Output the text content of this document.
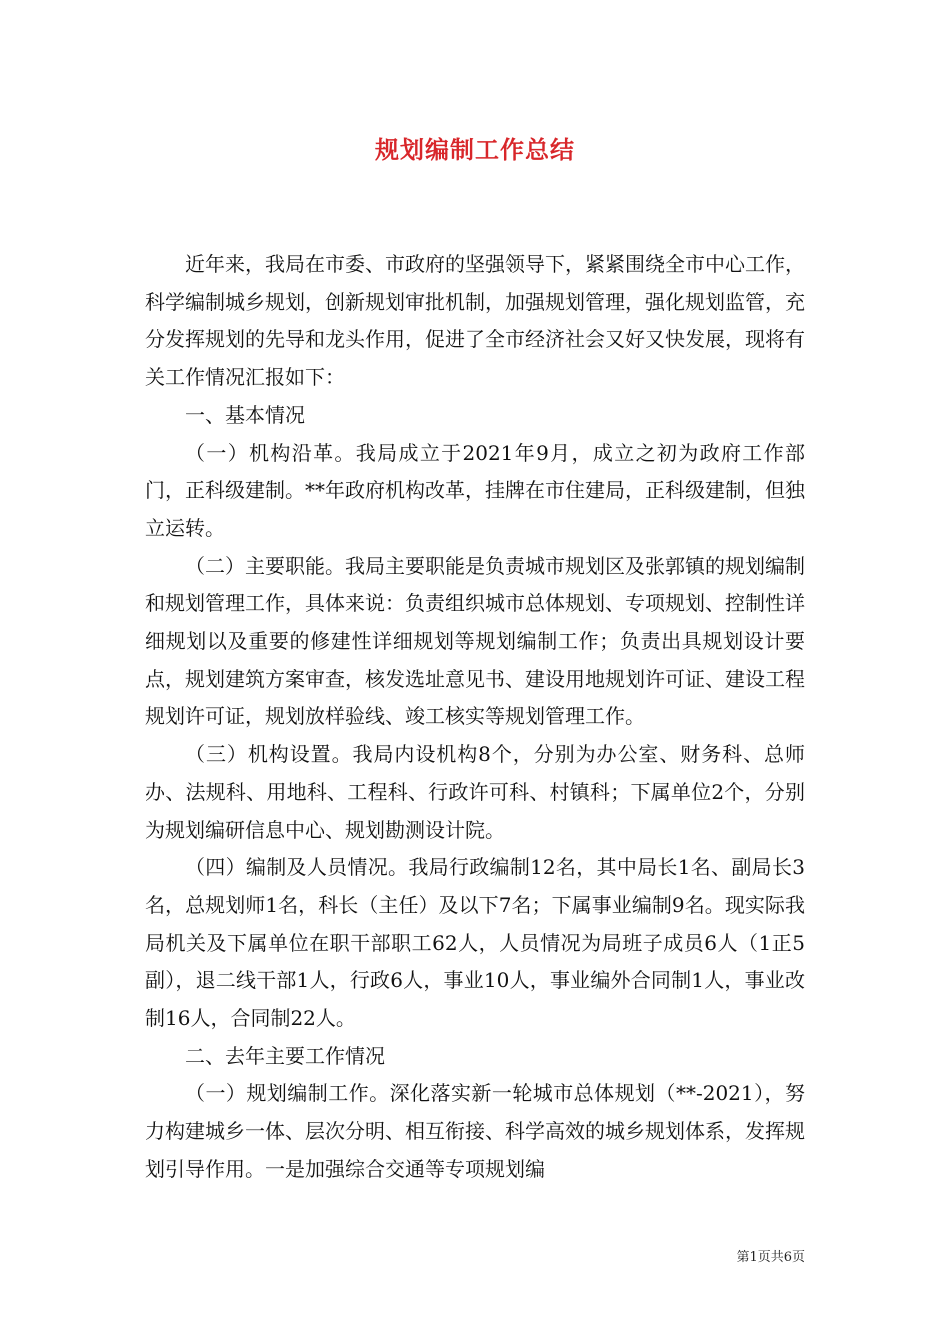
规划编制工作总结

近年来，我局在市委、市政府的坚强领导下，紧紧围绕全市中心工作，科学编制城乡规划，创新规划审批机制，加强规划管理，强化规划监管，充分发挥规划的先导和龙头作用，促进了全市经济社会又好又快发展，现将有关工作情况汇报如下：

一、基本情况

（一）机构沿革。我局成立于2021年9月，成立之初为政府工作部门，正科级建制。**年政府机构改革，挂牌在市住建局，正科级建制，但独立运转。

（二）主要职能。我局主要职能是负责城市规划区及张郭镇的规划编制和规划管理工作，具体来说：负责组织城市总体规划、专项规划、控制性详细规划以及重要的修建性详细规划等规划编制工作；负责出具规划设计要点，规划建筑方案审查，核发选址意见书、建设用地规划许可证、建设工程规划许可证，规划放样验线、竣工核实等规划管理工作。

（三）机构设置。我局内设机构8个，分别为办公室、财务科、总师办、法规科、用地科、工程科、行政许可科、村镇科；下属单位2个，分别为规划编研信息中心、规划勘测设计院。

（四）编制及人员情况。我局行政编制12名，其中局长1名、副局长3名，总规划师1名，科长（主任）及以下7名；下属事业编制9名。现实际我局机关及下属单位在职干部职工62人，人员情况为局班子成员6人（1正5副），退二线干部1人，行政6人，事业10人，事业编外合同制1人，事业改制16人，合同制22人。

二、去年主要工作情况

（一）规划编制工作。深化落实新一轮城市总体规划（**-2021），努力构建城乡一体、层次分明、相互衔接、科学高效的城乡规划体系，发挥规划引导作用。一是加强综合交通等专项规划编

第1页共6页
